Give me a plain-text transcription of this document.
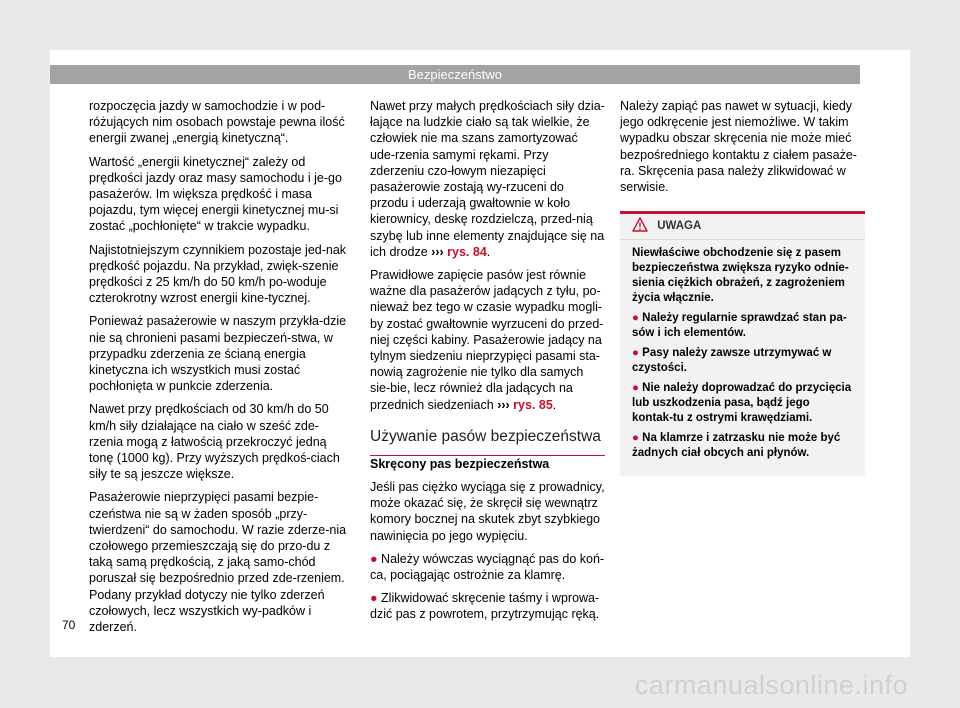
Bezpieczeństwo

rozpoczęcia jazdy w samochodzie i w pod-różujących nim osobach powstaje pewna ilość energii zwanej „energią kinetyczną“.

Wartość „energii kinetycznej“ zależy od prędkości jazdy oraz masy samochodu i je-go pasażerów. Im większa prędkość i masa pojazdu, tym więcej energii kinetycznej mu-si zostać „pochłonięte“ w trakcie wypadku.

Najistotniejszym czynnikiem pozostaje jed-nak prędkość pojazdu. Na przykład, zwięk-szenie prędkości z 25 km/h do 50 km/h po-woduje czterokrotny wzrost energii kine-tycznej.

Ponieważ pasażerowie w naszym przykła-dzie nie są chronieni pasami bezpieczeń-stwa, w przypadku zderzenia ze ścianą energia kinetyczna ich wszystkich musi zostać pochłonięta w punkcie zderzenia.

Nawet przy prędkościach od 30 km/h do 50 km/h siły działające na ciało w sześć zde-rzenia mogą z łatwością przekroczyć jedną tonę (1000 kg). Przy wyższych prędkoś-ciach siły te są jeszcze większe.

Pasażerowie nieprzypięci pasami bezpie-czeństwa nie są w żaden sposób „przy-twierdzeni“ do samochodu. W razie zderze-nia czołowego przemieszczają się do przo-du z taką samą prędkością, z jaką samo-chód poruszał się bezpośrednio przed zde-rzeniem. Podany przykład dotyczy nie tylko zderzeń czołowych, lecz wszystkich wy-padków i zderzeń.

Nawet przy małych prędkościach siły dzia-łające na ludzkie ciało są tak wielkie, że człowiek nie ma szans zamortyzować ude-rzenia samymi rękami. Przy zderzeniu czo-łowym niezapięci pasażerowie zostają wy-rzuceni do przodu i uderzają gwałtownie w koło kierownicy, deskę rozdzielczą, przed-nią szybę lub inne elementy znajdujące się na ich drodze ››› rys. 84.

Prawidłowe zapięcie pasów jest równie ważne dla pasażerów jadących z tyłu, po-nieważ bez tego w czasie wypadku mogli-by zostać gwałtownie wyrzuceni do przed-niej części kabiny. Pasażerowie jadący na tylnym siedzeniu nieprzypięci pasami sta-nowią zagrożenie nie tylko dla samych sie-bie, lecz również dla jadących na przednich siedzeniach ››› rys. 85.

Używanie pasów bezpieczeństwa

Skręcony pas bezpieczeństwa

Jeśli pas ciężko wyciąga się z prowadnicy, może okazać się, że skręcił się wewnątrz komory bocznej na skutek zbyt szybkiego nawinięcia po jego wypięciu.

● Należy wówczas wyciągnąć pas do koń-ca, pociągając ostrożnie za klamrę.

● Zlikwidować skręcenie taśmy i wprowa-dzić pas z powrotem, przytrzymując ręką.

Należy zapiąć pas nawet w sytuacji, kiedy jego odkręcenie jest niemożliwe. W takim wypadku obszar skręcenia nie może mieć bezpośredniego kontaktu z ciałem pasaże-ra. Skręcenia pasa należy zlikwidować w serwisie.

UWAGA

Niewłaściwe obchodzenie się z pasem bezpieczeństwa zwiększa ryzyko odnie-sienia ciężkich obrażeń, z zagrożeniem życia włącznie.

● Należy regularnie sprawdzać stan pa-sów i ich elementów.

● Pasy należy zawsze utrzymywać w czystości.

● Nie należy doprowadzać do przycięcia lub uszkodzenia pasa, bądź jego kontak-tu z ostrymi krawędziami.

● Na klamrze i zatrzasku nie może być żadnych ciał obcych ani płynów.

70
carmanualsonline.info
